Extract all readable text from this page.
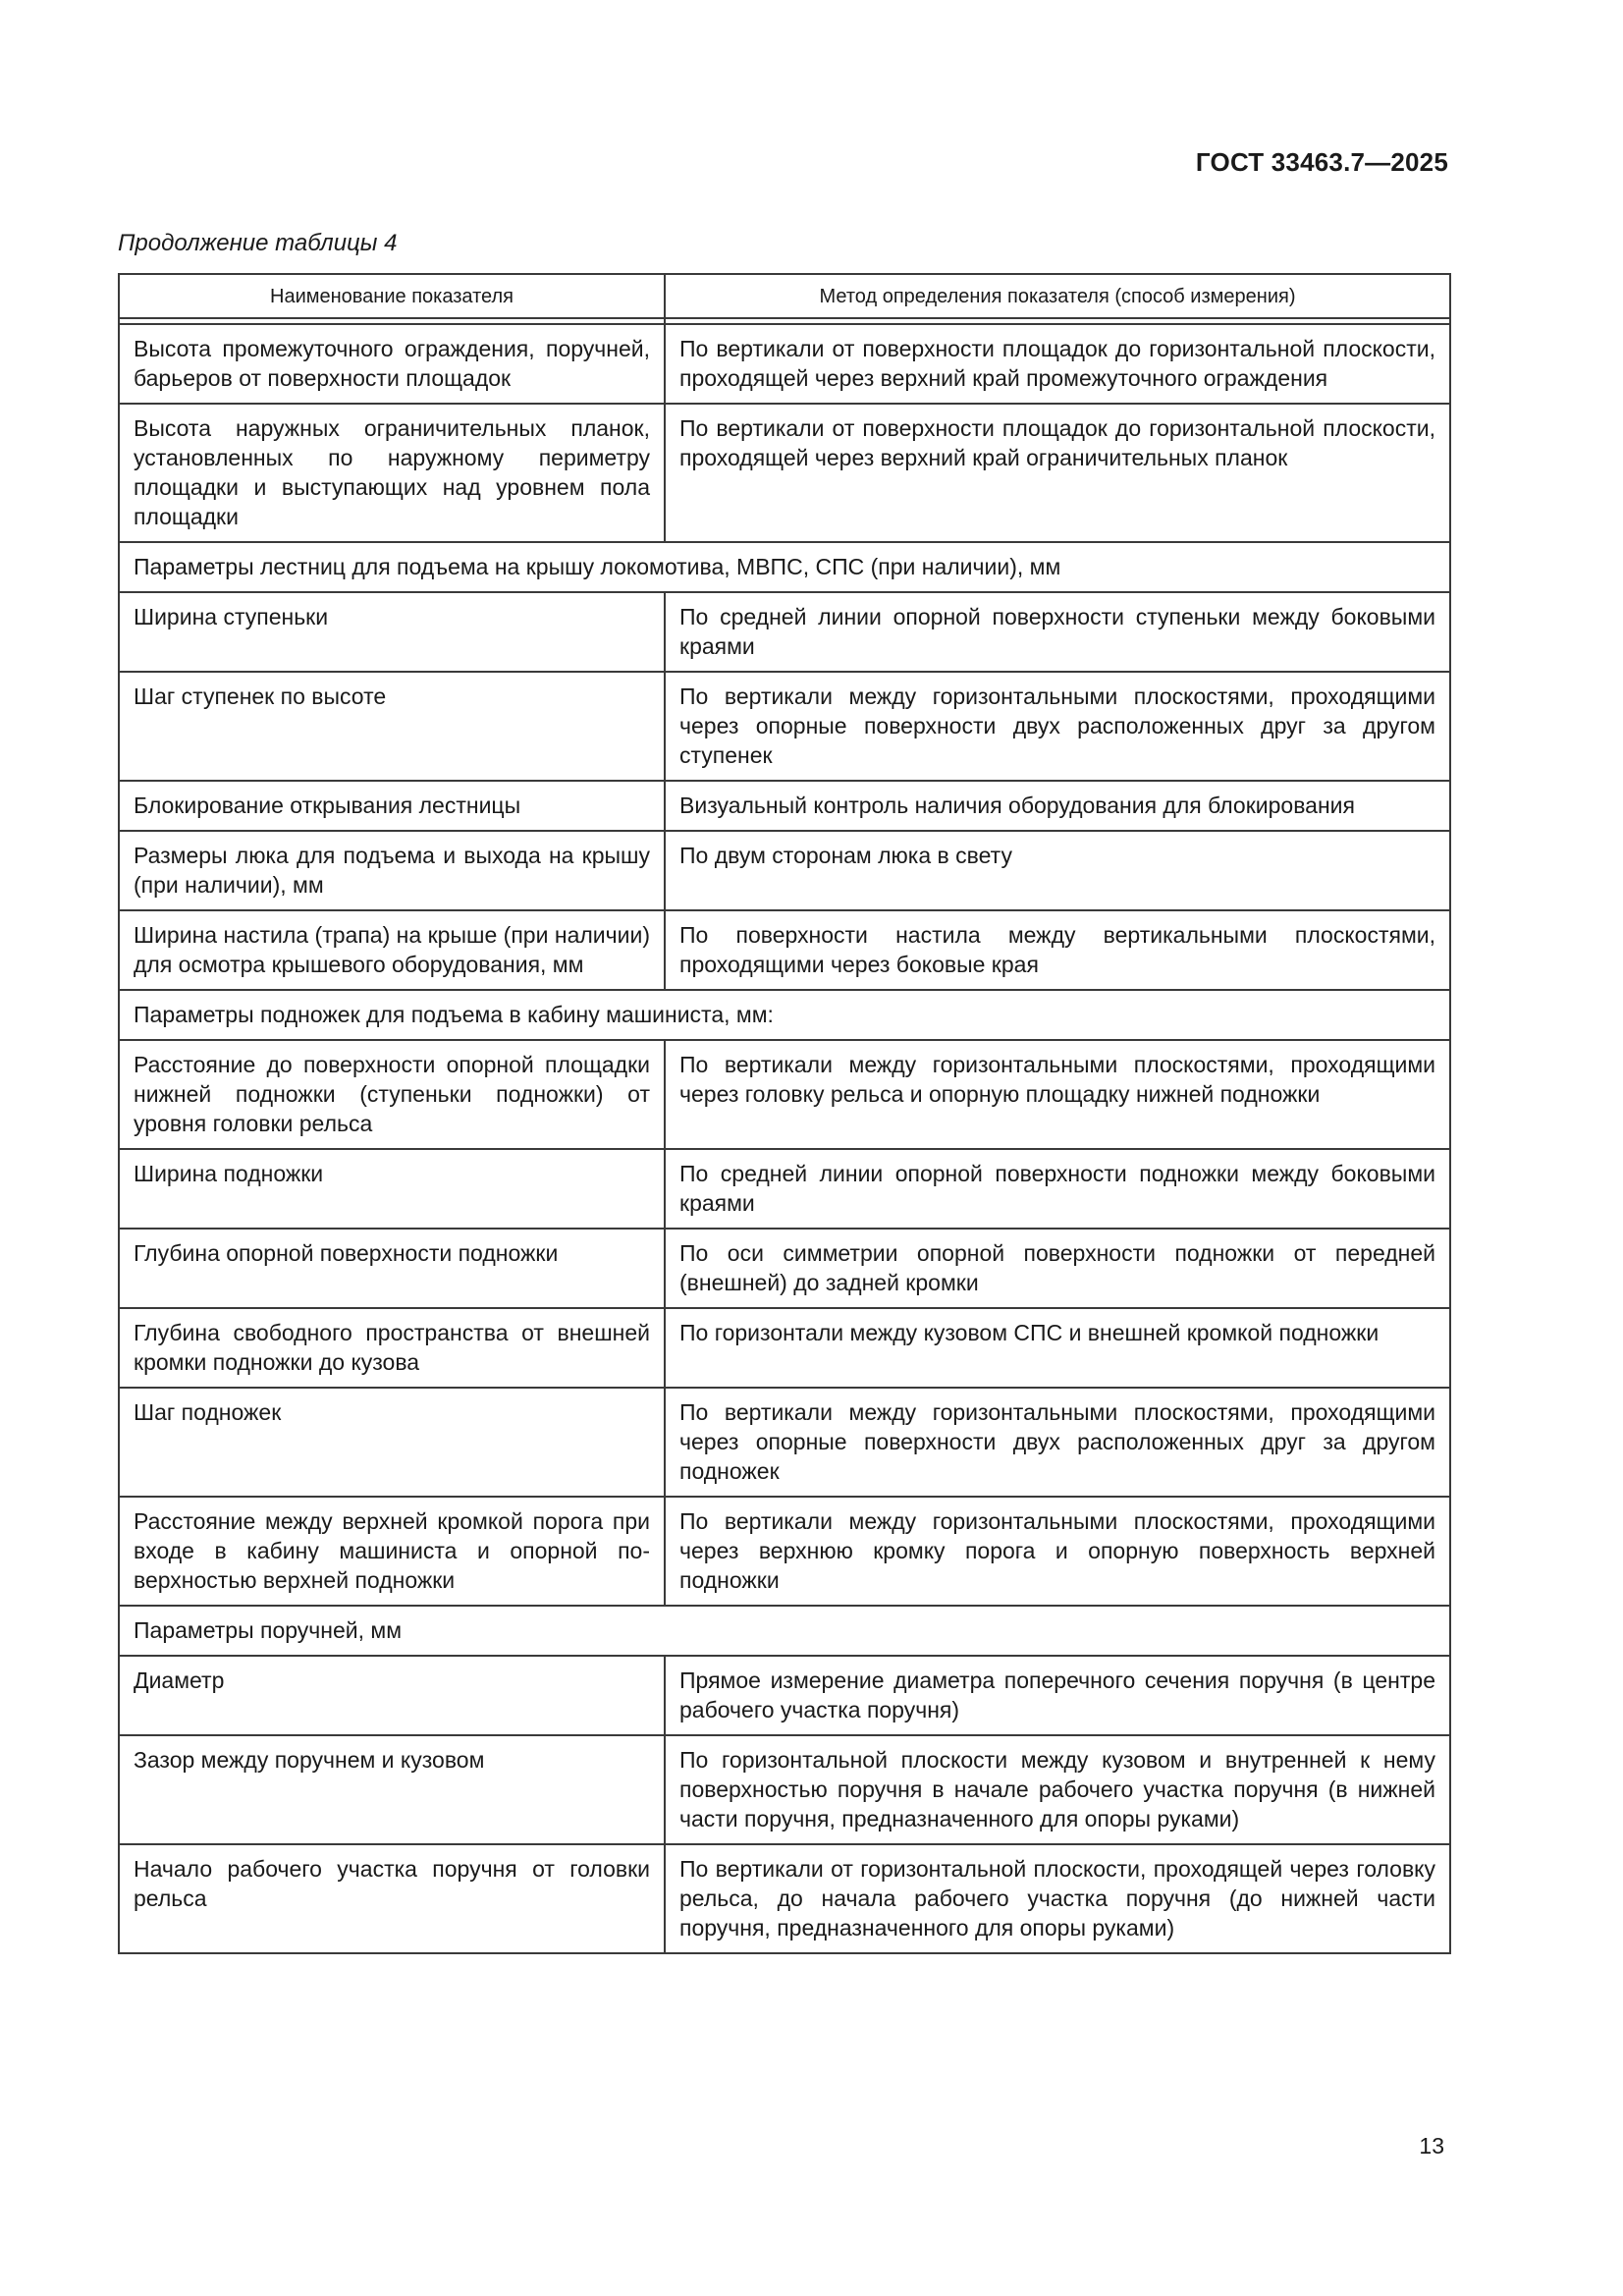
ГОСТ 33463.7—2025
Продолжение таблицы 4
Наименование показателя	Метод определения показателя (способ измерения)

Высота промежуточного ограждения, поручней, барьеров от поверхности площадок	По вертикали от поверхности площадок до горизонтальной плоскости, проходящей через верхний край промежуточного ограждения
Высота наружных ограничительных планок, установленных по наружному периметру площадки и выступающих над уровнем пола площадки	По вертикали от поверхности площадок до горизонтальной плоскости, проходящей через верхний край ограничительных планок
Параметры лестниц для подъема на крышу локомотива, МВПС, СПС (при наличии), мм	
Ширина ступеньки	По средней линии опорной поверхности ступеньки между боковыми краями
Шаг ступенек по высоте	По вертикали между горизонтальными плоскостями, проходящими через опорные поверхности двух расположенных друг за другом ступенек
Блокирование открывания лестницы	Визуальный контроль наличия оборудования для блокирования
Размеры люка для подъема и выхода на крышу (при наличии), мм	По двум сторонам люка в свету
Ширина настила (трапа) на крыше (при наличии) для осмотра крышевого оборудования, мм	По поверхности настила между вертикальными плоскостями, проходящими через боковые края
Параметры подножек для подъема в кабину машиниста, мм:	
Расстояние до поверхности опорной площадки нижней подножки (ступеньки подножки) от уровня головки рельса	По вертикали между горизонтальными плоскостями, проходящими через головку рельса и опорную площадку нижней подножки
Ширина подножки	По средней линии опорной поверхности подножки между боковыми краями
Глубина опорной поверхности подножки	По оси симметрии опорной поверхности подножки от передней (внешней) до задней кромки
Глубина свободного пространства от внешней кромки подножки до кузова	По горизонтали между кузовом СПС и внешней кромкой подножки
Шаг подножек	По вертикали между горизонтальными плоскостями, проходящими через опорные поверхности двух расположенных друг за другом подножек
Расстояние между верхней кромкой порога при входе в кабину машиниста и опорной поверхностью верхней подножки	По вертикали между горизонтальными плоскостями, проходящими через верхнюю кромку порога и опорную поверхность верхней подножки
Параметры поручней, мм	
Диаметр	Прямое измерение диаметра поперечного сечения поручня (в центре рабочего участка поручня)
Зазор между поручнем и кузовом	По горизонтальной плоскости между кузовом и внутренней к нему поверхностью поручня в начале рабочего участка поручня (в нижней части поручня, предназначенного для опоры руками)
Начало рабочего участка поручня от головки рельса	По вертикали от горизонтальной плоскости, проходящей через головку рельса, до начала рабочего участка поручня (до нижней части поручня, предназначенного для опоры руками)
13
